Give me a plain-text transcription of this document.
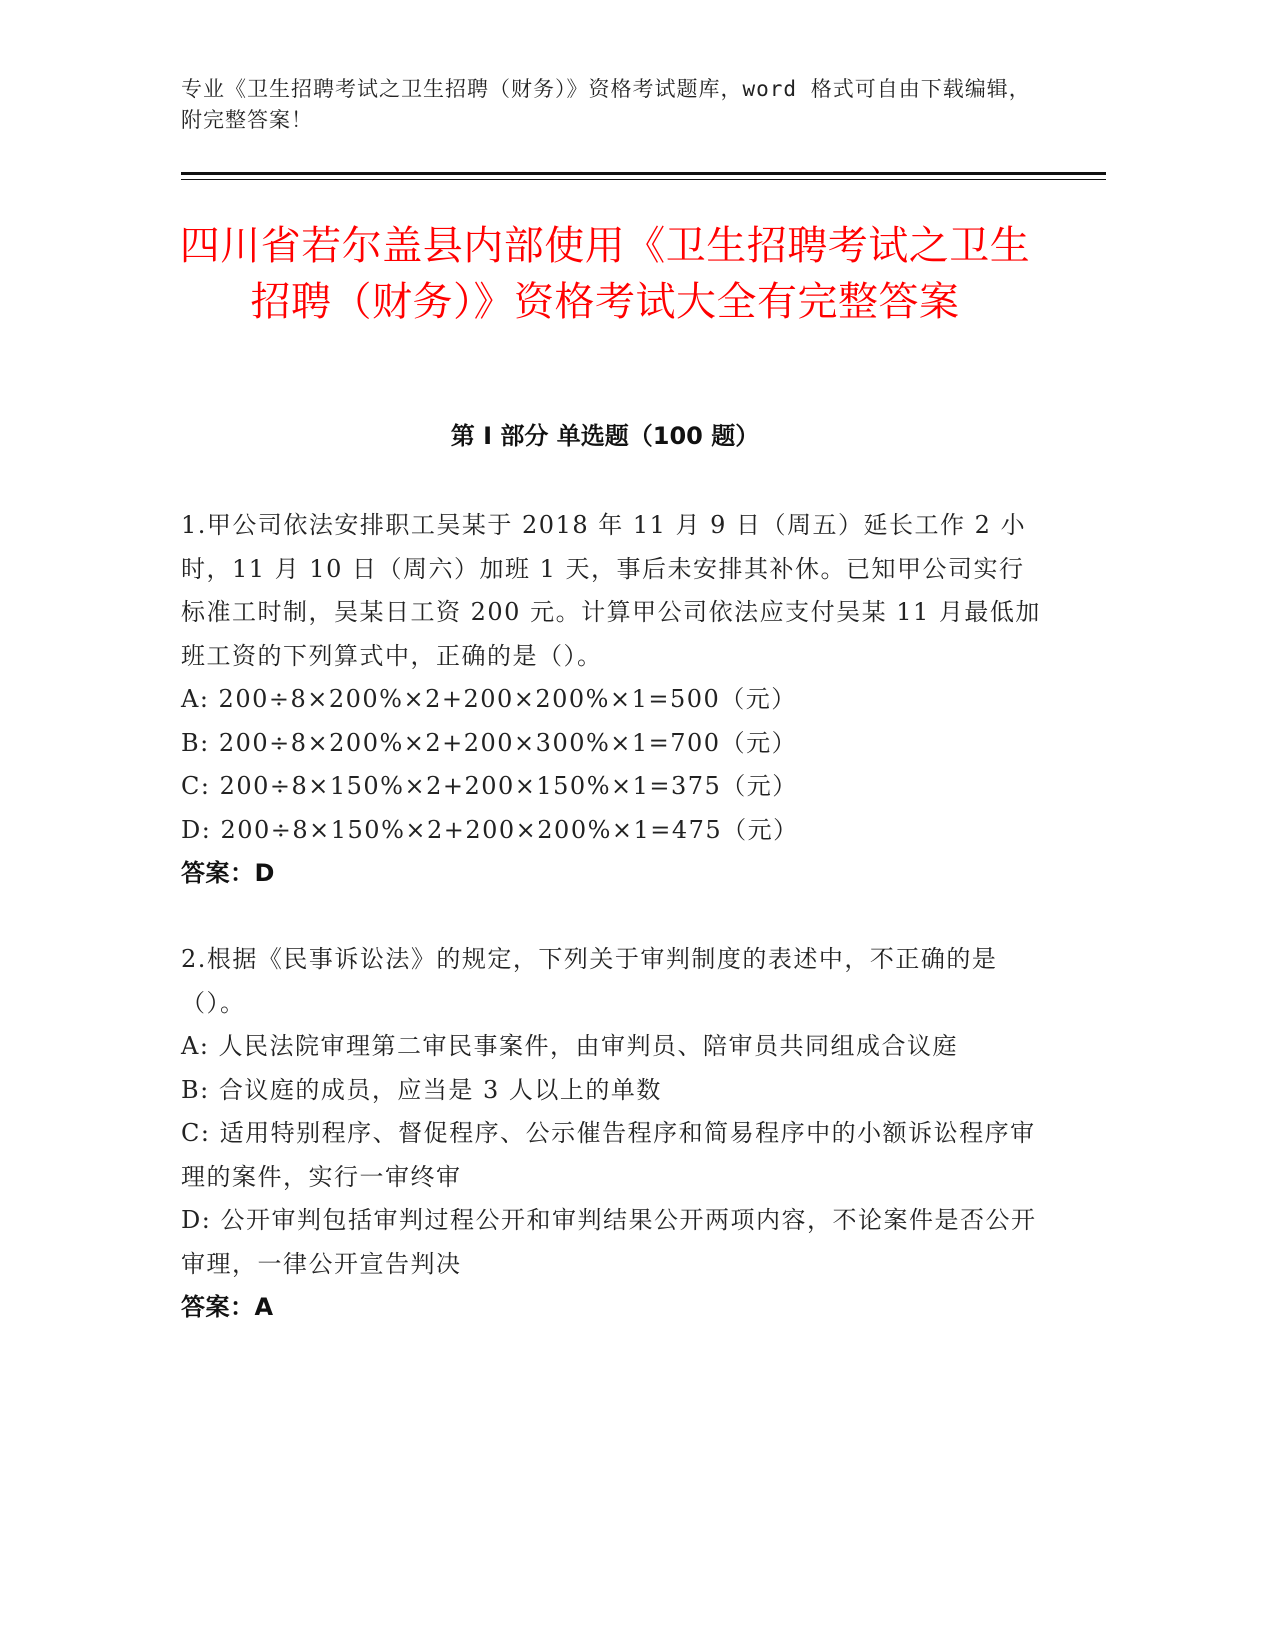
专业《卫生招聘考试之卫生招聘（财务）》资格考试题库，word 格式可自由下载编辑，附完整答案！
四川省若尔盖县内部使用《卫生招聘考试之卫生招聘（财务）》资格考试大全有完整答案
第 I 部分 单选题（100 题）

1.甲公司依法安排职工吴某于 2018 年 11 月 9 日（周五）延长工作 2 小时，11 月 10 日（周六）加班 1 天，事后未安排其补休。已知甲公司实行标准工时制，吴某日工资 200 元。计算甲公司依法应支付吴某 11 月最低加班工资的下列算式中，正确的是（）。

A: 200÷8×200%×2+200×200%×1=500（元）

B: 200÷8×200%×2+200×300%×1=700（元）

C: 200÷8×150%×2+200×150%×1=375（元）

D: 200÷8×150%×2+200×200%×1=475（元）

答案：D

2.根据《民事诉讼法》的规定，下列关于审判制度的表述中，不正确的是（）。

A: 人民法院审理第二审民事案件，由审判员、陪审员共同组成合议庭

B: 合议庭的成员，应当是 3 人以上的单数

C: 适用特别程序、督促程序、公示催告程序和简易程序中的小额诉讼程序审理的案件，实行一审终审

D: 公开审判包括审判过程公开和审判结果公开两项内容，不论案件是否公开审理，一律公开宣告判决

答案：A
